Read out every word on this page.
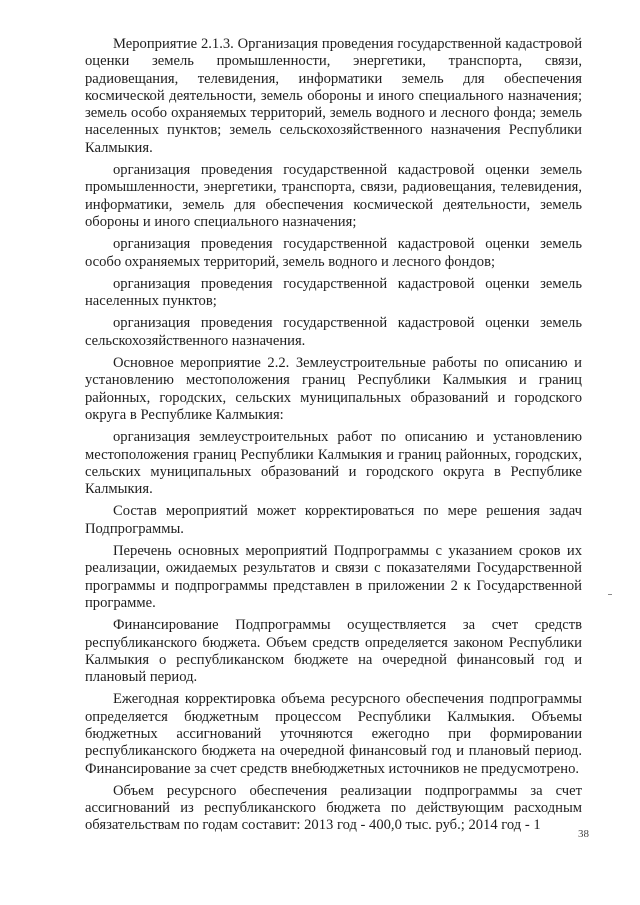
Мероприятие 2.1.3. Организация проведения государственной кадастровой оценки земель промышленности, энергетики, транспорта, связи, радиовещания, телевидения, информатики земель для обеспечения космической деятельности, земель обороны и иного специального назначения; земель особо охраняемых территорий, земель водного и лесного фонда; земель населенных пунктов; земель сельскохозяйственного назначения Республики Калмыкия.

организация проведения государственной кадастровой оценки земель промышленности, энергетики, транспорта, связи, радиовещания, телевидения, информатики, земель для обеспечения космической деятельности, земель обороны и иного специального назначения;

организация проведения государственной кадастровой оценки земель особо охраняемых территорий, земель водного и лесного фондов;

организация проведения государственной кадастровой оценки земель населенных пунктов;

организация проведения государственной кадастровой оценки земель сельскохозяйственного назначения.

Основное мероприятие 2.2. Землеустроительные работы по описанию и установлению местоположения границ Республики Калмыкия и границ районных, городских, сельских муниципальных образований и городского округа в Республике Калмыкия:

организация землеустроительных работ по описанию и установлению местоположения границ Республики Калмыкия и границ районных, городских, сельских муниципальных образований и городского округа в Республике Калмыкия.

Состав мероприятий может корректироваться по мере решения задач Подпрограммы.

Перечень основных мероприятий Подпрограммы с указанием сроков их реализации, ожидаемых результатов и связи с показателями Государственной программы и подпрограммы представлен в приложении 2 к Государственной программе.

Финансирование Подпрограммы осуществляется за счет средств республиканского бюджета. Объем средств определяется законом Республики Калмыкия о республиканском бюджете на очередной финансовый год и плановый период.

Ежегодная корректировка объема ресурсного обеспечения подпрограммы определяется бюджетным процессом Республики Калмыкия. Объемы бюджетных ассигнований уточняются ежегодно при формировании республиканского бюджета на очередной финансовый год и плановый период. Финансирование за счет средств внебюджетных источников не предусмотрено.

Объем ресурсного обеспечения реализации подпрограммы за счет ассигнований из республиканского бюджета по действующим расходным обязательствам по годам составит: 2013 год - 400,0 тыс. руб.; 2014 год - 1

38
